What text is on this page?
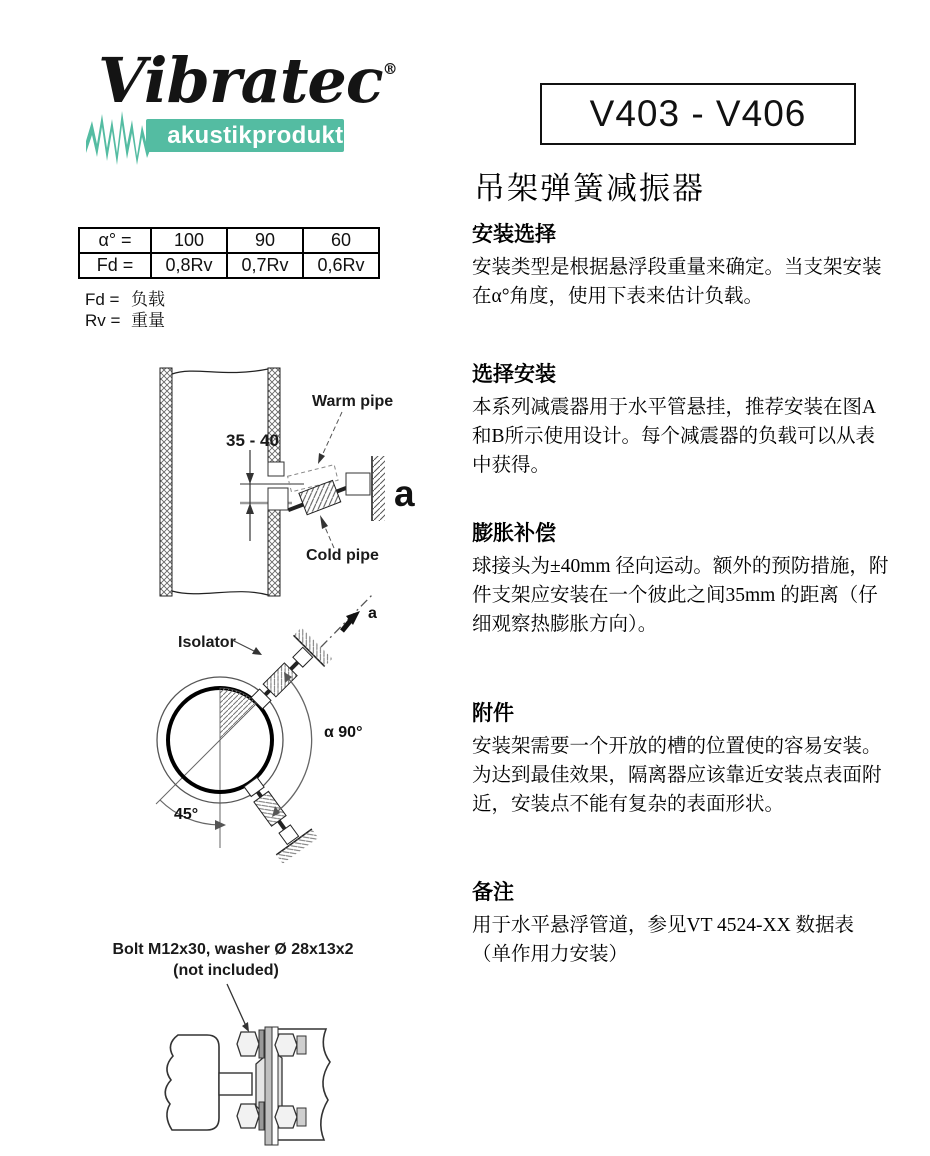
Vibratec®
akustikprodukter
V403 - V406
吊架弹簧减振器
α° =	100	90	60
Fd =	0,8Rv	0,7Rv	0,6Rv
Fd = 负载
Rv = 重量
安装选择

安装类型是根据悬浮段重量来确定。当支架安装在α°角度，使用下表来估计负载。

选择安装

本系列减震器用于水平管悬挂，推荐安装在图A 和B所示使用设计。每个减震器的负载可以从表中获得。

膨胀补偿

球接头为±40mm 径向运动。额外的预防措施，附件支架应安装在一个彼此之间35mm 的距离（仔细观察热膨胀方向）。

附件

安装架需要一个开放的槽的位置使的容易安装。为达到最佳效果，隔离器应该靠近安装点表面附近，安装点不能有复杂的表面形状。

备注

用于水平悬浮管道，参见VT 4524-XX 数据表（单作用力安装）

35 - 40
a
Warm pipe
Cold pipe
α 90°
45°
Isolator
a
Bolt M12x30, washer Ø 28x13x2
(not included)
